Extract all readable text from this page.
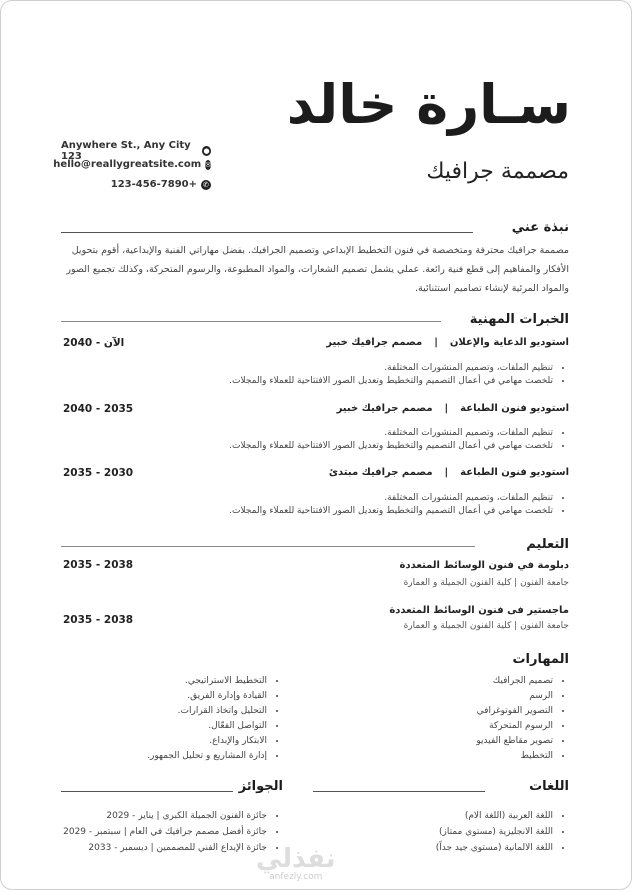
سـارة خالد
مصممة جرافيك
Anywhere St., Any City 123	●
hello@reallygreatsite.com ✉
123-456-7890+ ✆
نبذة عني
مصممة جرافيك محترفة ومتخصصة في فنون التخطيط الإبداعي وتصميم الجرافيك. بفضل مهاراتي الفنية والإبداعية، أقوم بتحويل الأفكار والمفاهيم إلى قطع فنية رائعة. عملي يشمل تصميم الشعارات، والمواد المطبوعة، والرسوم المتحركة، وكذلك تجميع الصور والمواد المرئية لإنشاء تصاميم استثنائية.
الخبرات المهنية
استوديو الدعاية والإعلان|مصمم جرافيك خبير
2040 - الآن
• تنظيم الملفات، وتصميم المنشورات المختلفة.
• تلخصت مهامي في أعمال التصميم والتخطيط وتعديل الصور الافتتاحية للعملاء والمجلات.
استوديو فنون الطباعة|مصمم جرافيك خبير
2040 - 2035
• تنظيم الملفات، وتصميم المنشورات المختلفة.
• تلخصت مهامي في أعمال التصميم والتخطيط وتعديل الصور الافتتاحية للعملاء والمجلات.
استوديو فنون الطباعة|مصمم جرافيك مبتدئ
2035 - 2030
• تنظيم الملفات، وتصميم المنشورات المختلفة.
• تلخصت مهامي في أعمال التصميم والتخطيط وتعديل الصور الافتتاحية للعملاء والمجلات.
التعليم
دبلومة في فنون الوسائط المتعددة
2035 - 2038
جامعة الفنون | كلية الفنون الجميلة و العمارة
ماجستير فى فنون الوسائط المتعددة
2035 - 2038	جامعة الفنون | كلية الفنون الجميلة و العمارة
المهارات
• تصميم الجرافيك
• الرسم
• التصوير الفوتوغرافي
• الرسوم المتحركة
• تصوير مقاطع الفيديو
• التخطيط
• التخطيط الاستراتيجي.
• القيادة وإدارة الفريق.
• التحليل واتخاذ القرارات.
• التواصل الفعّال.
• الابتكار والإبداع.
• إدارة المشاريع و تحليل الجمهور.
اللغات
• اللغة العربية (اللغة الام)
• اللغة الانجليزية (مستوي ممتاز)
• اللغة الالمانية (مستوي جيد جداً)
الجوائز
• جائزة الفنون الجميلة الكبري | يناير - 2029
• جائزة أفضل مصمم جرافيك في العام | سبتمبر - 2029
• جائزة الإبداع الفني للمصممين | ديسمبر - 2033
نفذلي
anfezly.com
